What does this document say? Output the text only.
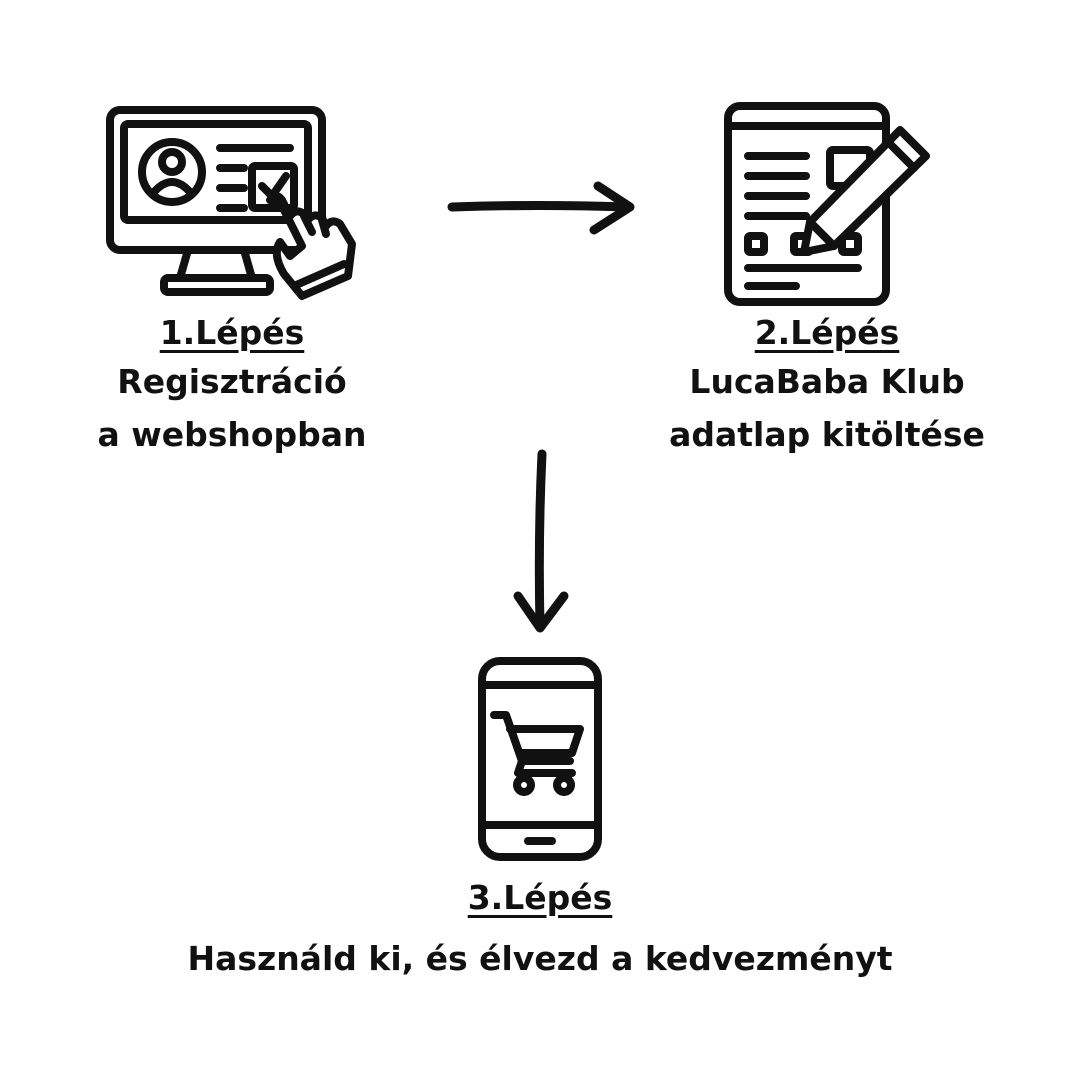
1.Lépés
Regisztráció
a webshopban
2.Lépés
LucaBaba Klub
adatlap kitöltése
3.Lépés
Használd ki, és élvezd a kedvezményt
